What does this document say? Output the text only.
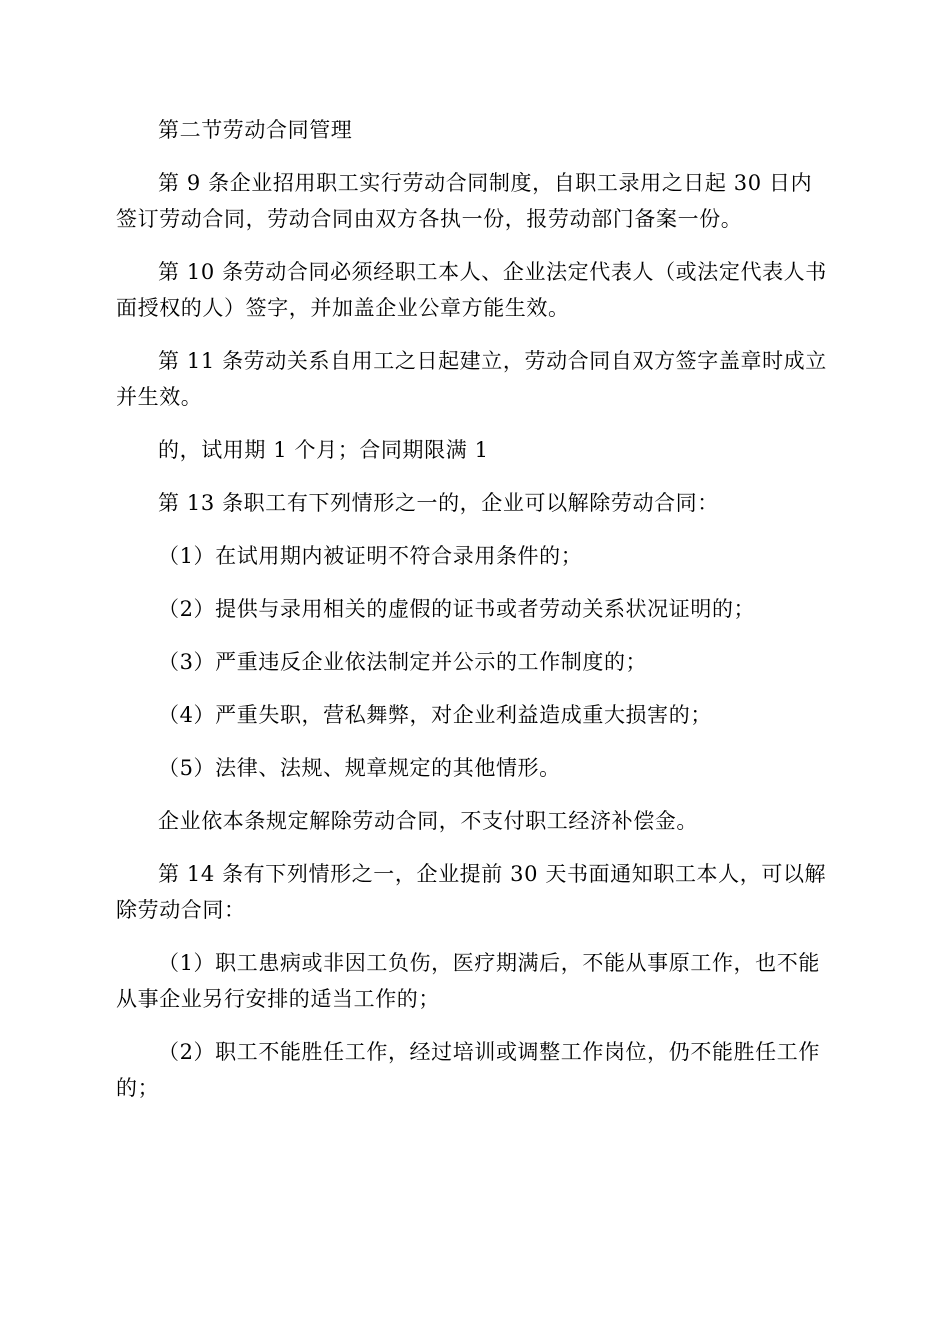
第二节劳动合同管理

第 9 条企业招用职工实行劳动合同制度，自职工录用之日起 30 日内签订劳动合同，劳动合同由双方各执一份，报劳动部门备案一份。

第 10 条劳动合同必须经职工本人、企业法定代表人（或法定代表人书面授权的人）签字，并加盖企业公章方能生效。

第 11 条劳动关系自用工之日起建立，劳动合同自双方签字盖章时成立并生效。

的，试用期 1 个月；合同期限满 1

第 13 条职工有下列情形之一的，企业可以解除劳动合同：

（1）在试用期内被证明不符合录用条件的；

（2）提供与录用相关的虚假的证书或者劳动关系状况证明的；

（3）严重违反企业依法制定并公示的工作制度的；

（4）严重失职，营私舞弊，对企业利益造成重大损害的；

（5）法律、法规、规章规定的其他情形。

企业依本条规定解除劳动合同，不支付职工经济补偿金。

第 14 条有下列情形之一，企业提前 30 天书面通知职工本人，可以解除劳动合同：

（1）职工患病或非因工负伤，医疗期满后，不能从事原工作，也不能从事企业另行安排的适当工作的；

（2）职工不能胜任工作，经过培训或调整工作岗位，仍不能胜任工作的；
